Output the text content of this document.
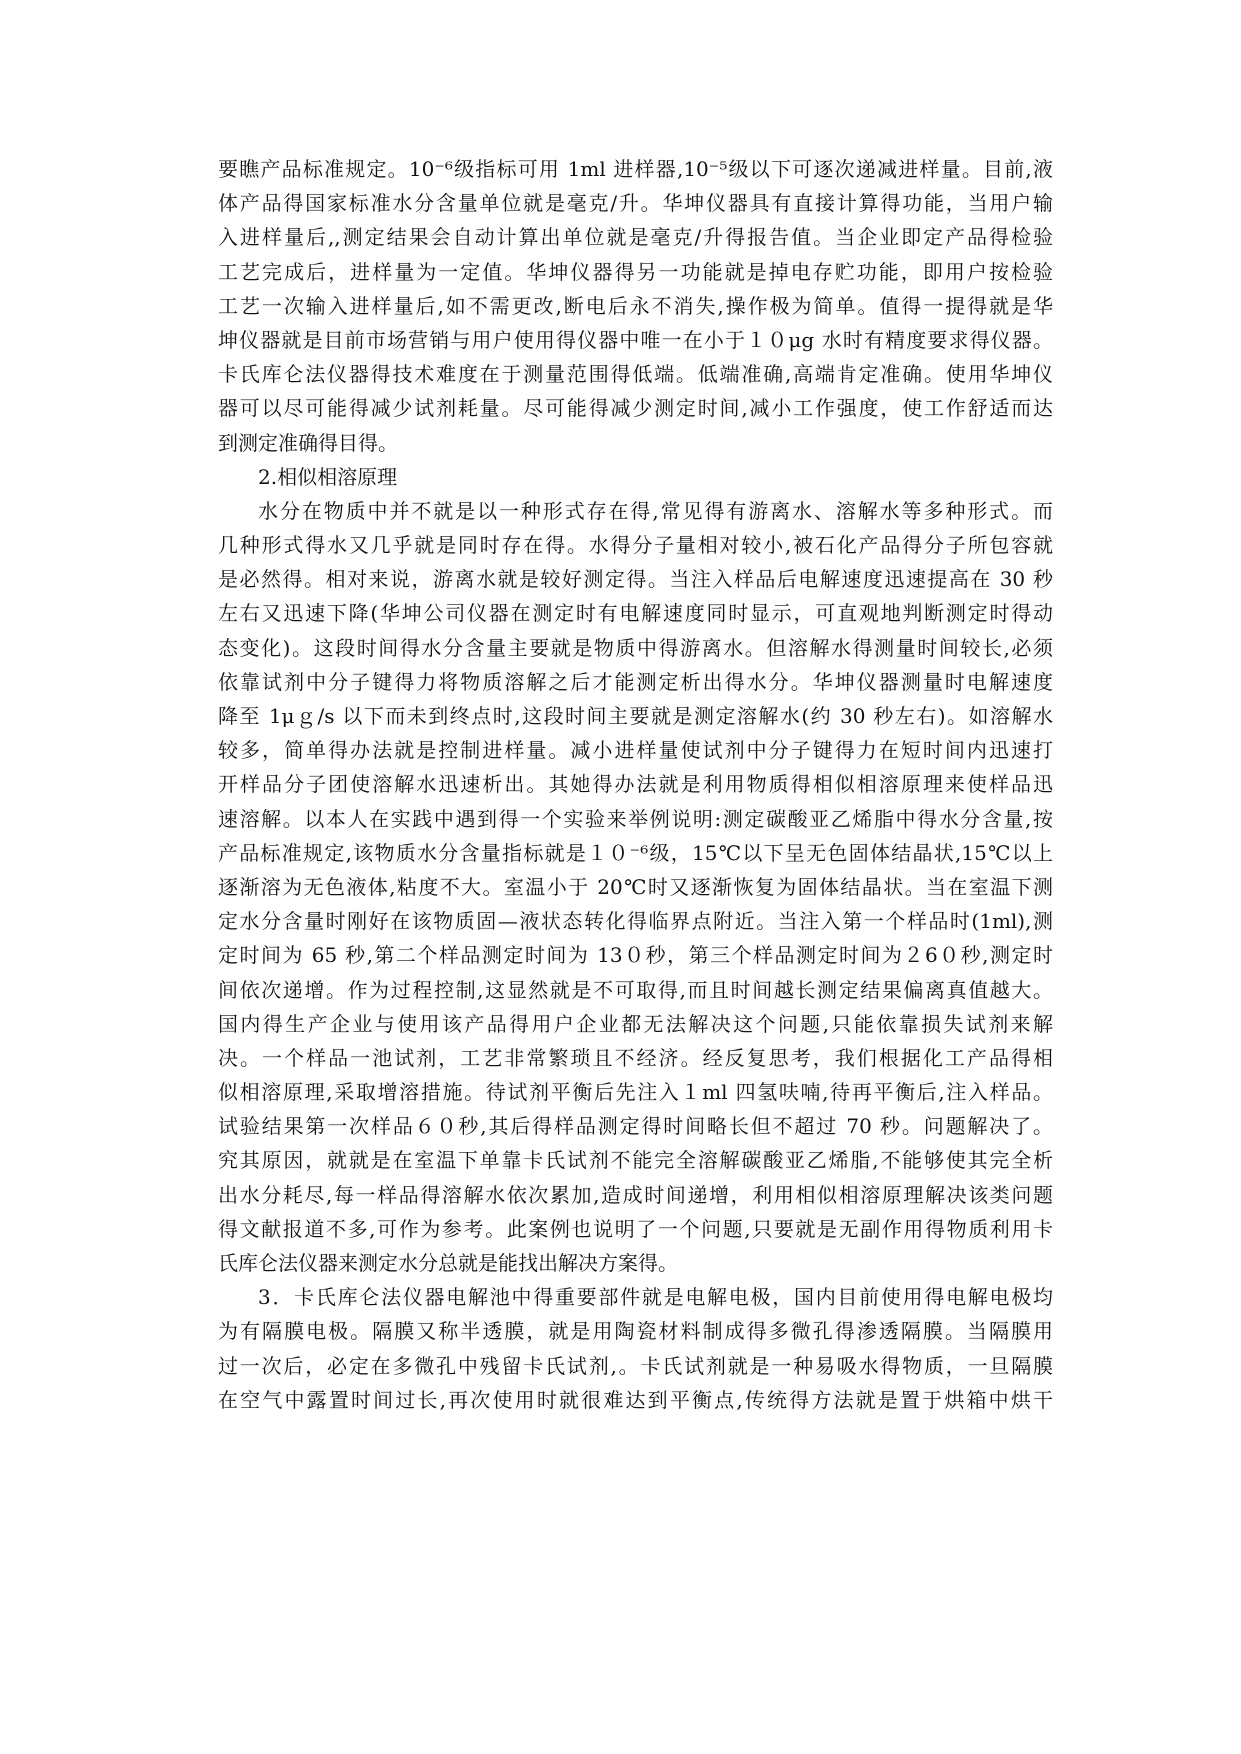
要瞧产品标准规定。10⁻⁶级指标可用 1ml 进样器,10⁻⁵级以下可逐次递减进样量。目前,液
体产品得国家标准水分含量单位就是毫克/升。华坤仪器具有直接计算得功能，当用户输
入进样量后,,测定结果会自动计算出单位就是毫克/升得报告值。当企业即定产品得检验
工艺完成后，进样量为一定值。华坤仪器得另一功能就是掉电存贮功能，即用户按检验
工艺一次输入进样量后,如不需更改,断电后永不消失,操作极为简单。值得一提得就是华
坤仪器就是目前市场营销与用户使用得仪器中唯一在小于１０μg 水时有精度要求得仪器。
卡氏库仑法仪器得技术难度在于测量范围得低端。低端准确,高端肯定准确。使用华坤仪
器可以尽可能得减少试剂耗量。尽可能得减少测定时间,减小工作强度，使工作舒适而达
到测定准确得目得。
2.相似相溶原理
水分在物质中并不就是以一种形式存在得,常见得有游离水、溶解水等多种形式。而
几种形式得水又几乎就是同时存在得。水得分子量相对较小,被石化产品得分子所包容就
是必然得。相对来说，游离水就是较好测定得。当注入样品后电解速度迅速提高在 30 秒
左右又迅速下降(华坤公司仪器在测定时有电解速度同时显示，可直观地判断测定时得动
态变化)。这段时间得水分含量主要就是物质中得游离水。但溶解水得测量时间较长,必须
依靠试剂中分子键得力将物质溶解之后才能测定析出得水分。华坤仪器测量时电解速度
降至 1μｇ/s 以下而未到终点时,这段时间主要就是测定溶解水(约 30 秒左右)。如溶解水
较多，简单得办法就是控制进样量。减小进样量使试剂中分子键得力在短时间内迅速打
开样品分子团使溶解水迅速析出。其她得办法就是利用物质得相似相溶原理来使样品迅
速溶解。以本人在实践中遇到得一个实验来举例说明:测定碳酸亚乙烯脂中得水分含量,按
产品标准规定,该物质水分含量指标就是１０⁻⁶级，15℃以下呈无色固体结晶状,15℃以上
逐渐溶为无色液体,粘度不大。室温小于 20℃时又逐渐恢复为固体结晶状。当在室温下测
定水分含量时刚好在该物质固—液状态转化得临界点附近。当注入第一个样品时(1ml),测
定时间为 65 秒,第二个样品测定时间为 13０秒，第三个样品测定时间为２6０秒,测定时
间依次递增。作为过程控制,这显然就是不可取得,而且时间越长测定结果偏离真值越大。
国内得生产企业与使用该产品得用户企业都无法解决这个问题,只能依靠损失试剂来解
决。一个样品一池试剂，工艺非常繁琐且不经济。经反复思考，我们根据化工产品得相
似相溶原理,采取增溶措施。待试剂平衡后先注入１ml 四氢呋喃,待再平衡后,注入样品。
试验结果第一次样品６０秒,其后得样品测定得时间略长但不超过 70 秒。问题解决了。
究其原因，就就是在室温下单靠卡氏试剂不能完全溶解碳酸亚乙烯脂,不能够使其完全析
出水分耗尽,每一样品得溶解水依次累加,造成时间递增，利用相似相溶原理解决该类问题
得文献报道不多,可作为参考。此案例也说明了一个问题,只要就是无副作用得物质利用卡
氏库仑法仪器来测定水分总就是能找出解决方案得。
3．卡氏库仑法仪器电解池中得重要部件就是电解电极，国内目前使用得电解电极均
为有隔膜电极。隔膜又称半透膜，就是用陶瓷材料制成得多微孔得渗透隔膜。当隔膜用
过一次后，必定在多微孔中残留卡氏试剂,。卡氏试剂就是一种易吸水得物质，一旦隔膜
在空气中露置时间过长,再次使用时就很难达到平衡点,传统得方法就是置于烘箱中烘干
